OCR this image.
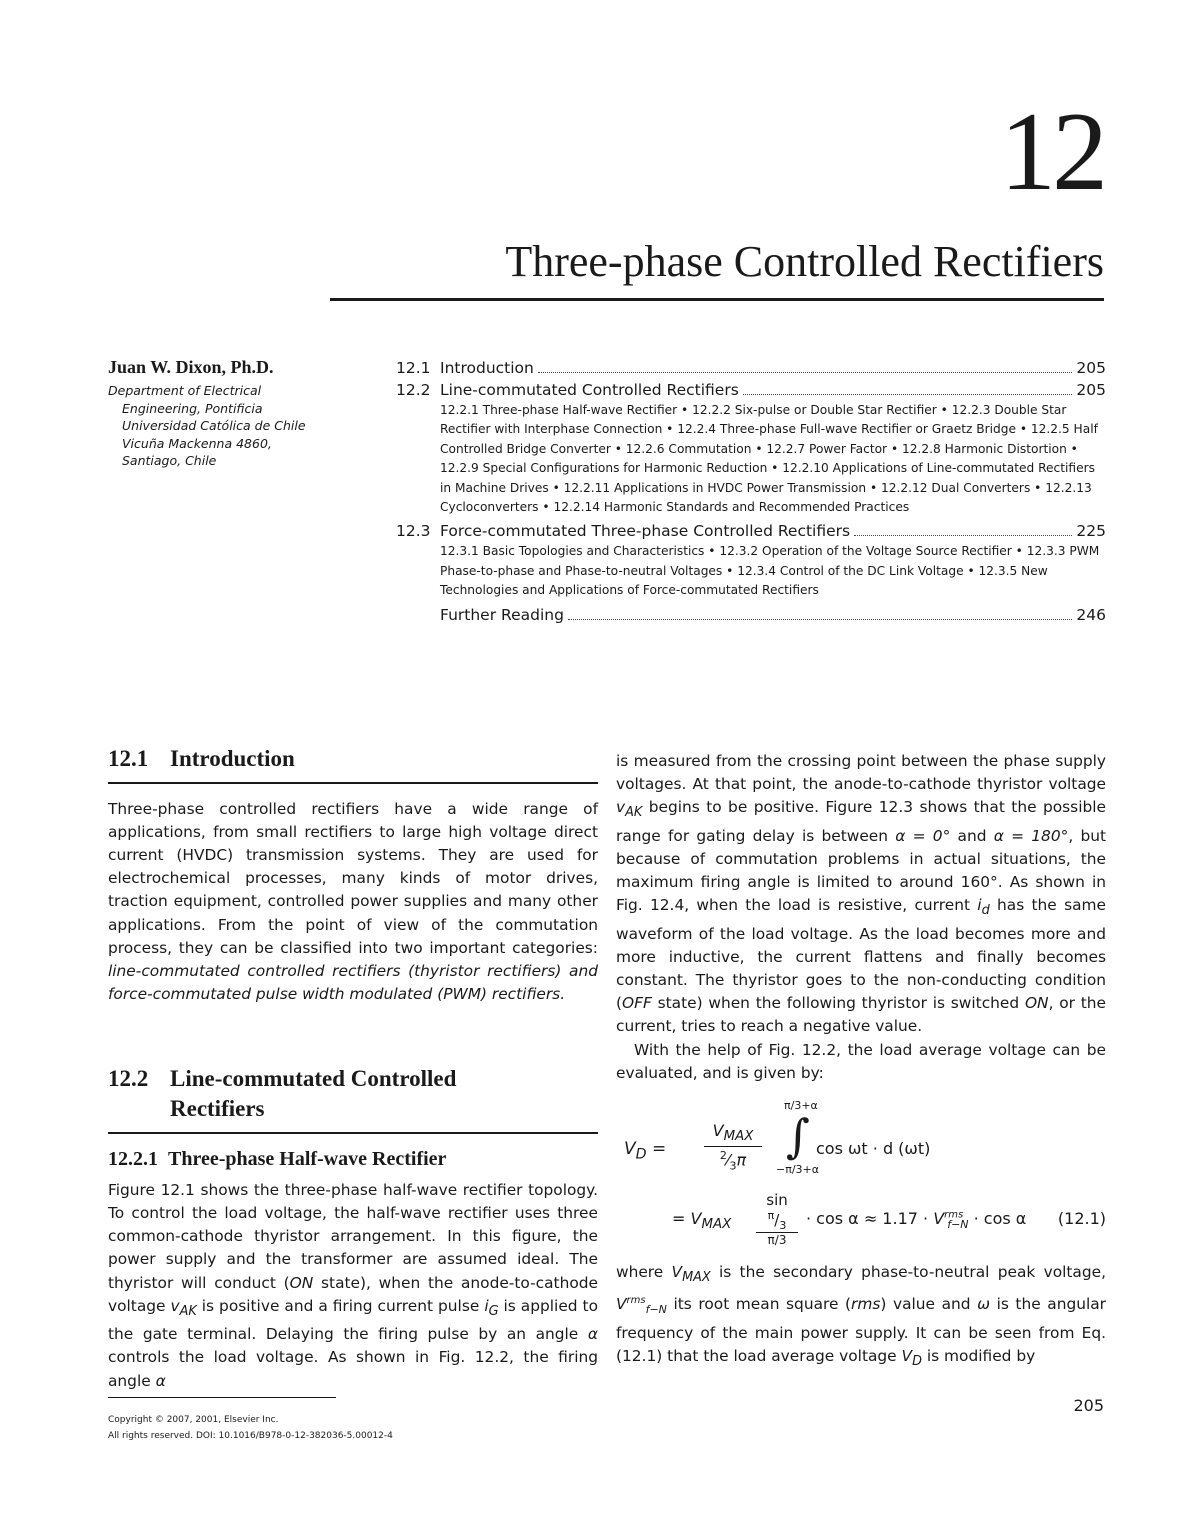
12
Three-phase Controlled Rectifiers
Juan W. Dixon, Ph.D.
Department of Electrical
Engineering, Pontificia
Universidad Católica de Chile
Vicuña Mackenna 4860,
Santiago, Chile
12.1 Introduction	205
12.2 Line-commutated Controlled Rectifiers	205
12.2.1 Three-phase Half-wave Rectifier • 12.2.2 Six-pulse or Double Star Rectifier • 12.2.3 Double Star Rectifier with Interphase Connection • 12.2.4 Three-phase Full-wave Rectifier or Graetz Bridge • 12.2.5 Half Controlled Bridge Converter • 12.2.6 Commutation • 12.2.7 Power Factor • 12.2.8 Harmonic Distortion • 12.2.9 Special Configurations for Harmonic Reduction • 12.2.10 Applications of Line-commutated Rectifiers in Machine Drives • 12.2.11 Applications in HVDC Power Transmission • 12.2.12 Dual Converters • 12.2.13 Cycloconverters • 12.2.14 Harmonic Standards and Recommended Practices
12.3 Force-commutated Three-phase Controlled Rectifiers	225
12.3.1 Basic Topologies and Characteristics • 12.3.2 Operation of the Voltage Source Rectifier • 12.3.3 PWM Phase-to-phase and Phase-to-neutral Voltages • 12.3.4 Control of the DC Link Voltage • 12.3.5 New Technologies and Applications of Force-commutated Rectifiers
Further Reading	246
12.1 Introduction

Three-phase controlled rectifiers have a wide range of applications, from small rectifiers to large high voltage direct current (HVDC) transmission systems. They are used for electrochemical processes, many kinds of motor drives, traction equipment, controlled power supplies and many other applications. From the point of view of the commutation process, they can be classified into two important categories: line-commutated controlled rectifiers (thyristor rectifiers) and force-commutated pulse width modulated (PWM) rectifiers.

12.2 Line-commutated Controlled
Rectifiers
12.2.1 Three-phase Half-wave Rectifier

Figure 12.1 shows the three-phase half-wave rectifier topology. To control the load voltage, the half-wave rectifier uses three common-cathode thyristor arrangement. In this figure, the power supply and the transformer are assumed ideal. The thyristor will conduct (ON state), when the anode-to-cathode voltage $v_{AK}$ is positive and a firing current pulse $i_G$ is applied to the gate terminal. Delaying the firing pulse by an angle α controls the load voltage. As shown in Fig. 12.2, the firing angle α

is measured from the crossing point between the phase supply voltages. At that point, the anode-to-cathode thyristor voltage $v_{AK}$ begins to be positive. Figure 12.3 shows that the possible range for gating delay is between α = 0° and α = 180°, but because of commutation problems in actual situations, the maximum firing angle is limited to around 160°. As shown in Fig. 12.4, when the load is resistive, current $i_d$ has the same waveform of the load voltage. As the load becomes more and more inductive, the current flattens and finally becomes constant. The thyristor goes to the non-conducting condition (OFF state) when the following thyristor is switched ON, or the current, tries to reach a negative value.

With the help of Fig. 12.2, the load average voltage can be evaluated, and is given by:

$V_D$ =
$V_{MAX}$
$^2⁄_3\pi$
π/3+α
∫
−π/3+α
cos ωt · d (ωt)
= $V_{MAX}$
$\sin ^\pi/_3$
π/3
· $\cos \alpha \approx 1.17 \cdot V^{rms}_{f-N} \cdot \cos \alpha$ (12.1)

where $V_{MAX}$ is the secondary phase-to-neutral peak voltage, $V^{rms}_{f-N}$ its root mean square (rms) value and ω is the angular frequency of the main power supply. It can be seen from Eq. (12.1) that the load average voltage $V_D$ is modified by

Copyright © 2007, 2001, Elsevier Inc.
All rights reserved. DOI: 10.1016/B978-0-12-382036-5.00012-4
205
